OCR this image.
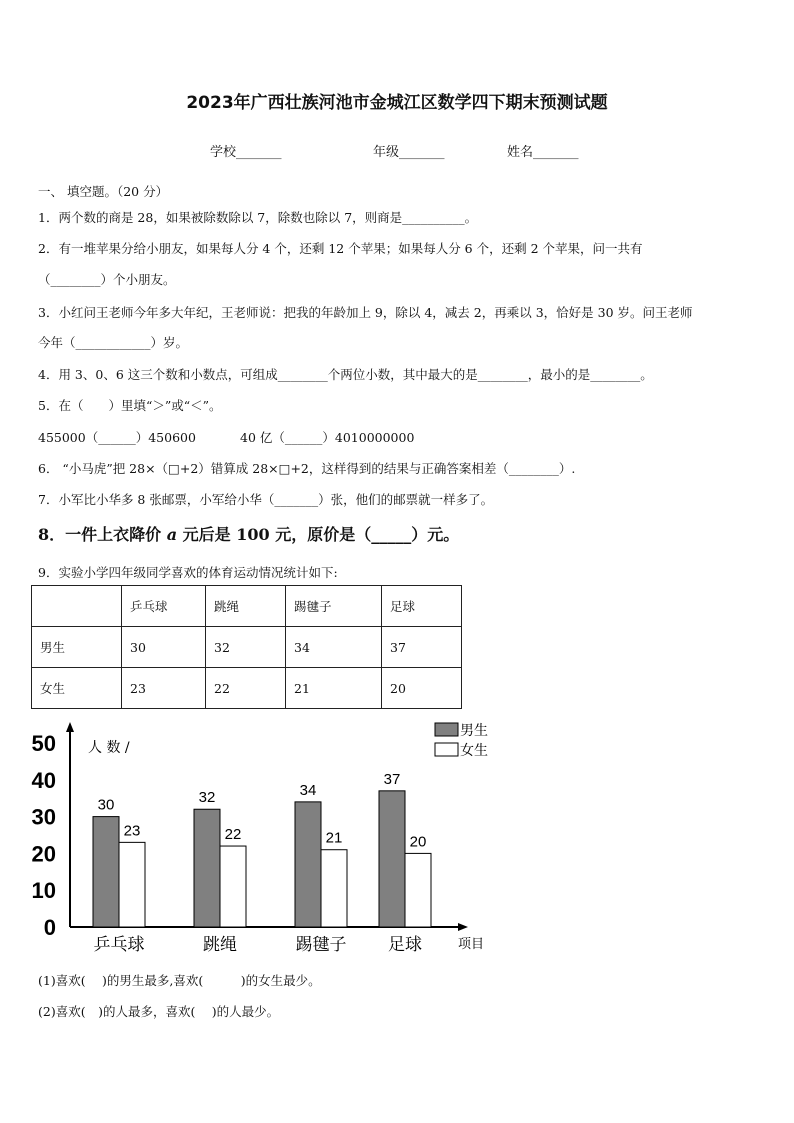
2023年广西壮族河池市金城江区数学四下期末预测试题
学校_______	年级_______	姓名_______
一、 填空题。（20 分）
1．两个数的商是 28，如果被除数除以 7，除数也除以 7，则商是__________。
2．有一堆苹果分给小朋友，如果每人分 4 个，还剩 12 个苹果；如果每人分 6 个，还剩 2 个苹果，问一共有
（________）个小朋友。
3．小红问王老师今年多大年纪，王老师说：把我的年龄加上 9，除以 4，减去 2，再乘以 3，恰好是 30 岁。问王老师
今年（____________）岁。
4．用 3、0、6 这三个数和小数点，可组成________个两位小数，其中最大的是________，最小的是________。
5．在（　　）里填“＞”或“＜”。
455000（______）450600	40 亿（______）4010000000
6． “小马虎”把 28×（□+2）错算成 28×□+2，这样得到的结果与正确答案相差（________）.
7．小军比小华多 8 张邮票，小军给小华（_______）张，他们的邮票就一样多了。
8．一件上衣降价 a 元后是 100 元，原价是（_____）元。
9．实验小学四年级同学喜欢的体育运动情况统计如下:
	乒乓球	跳绳	踢毽子	足球
男生	30	32	34	37
女生	23	22	21	20
0
10
20
30
40
50 人 数 /
项目
30
23
乒乓球
32
22
跳绳
34
21
踢毽子
37
20
足球
男生
女生
(1)喜欢(　 )的男生最多,喜欢(　　　)的女生最少。
(2)喜欢(　)的人最多，喜欢(　 )的人最少。
